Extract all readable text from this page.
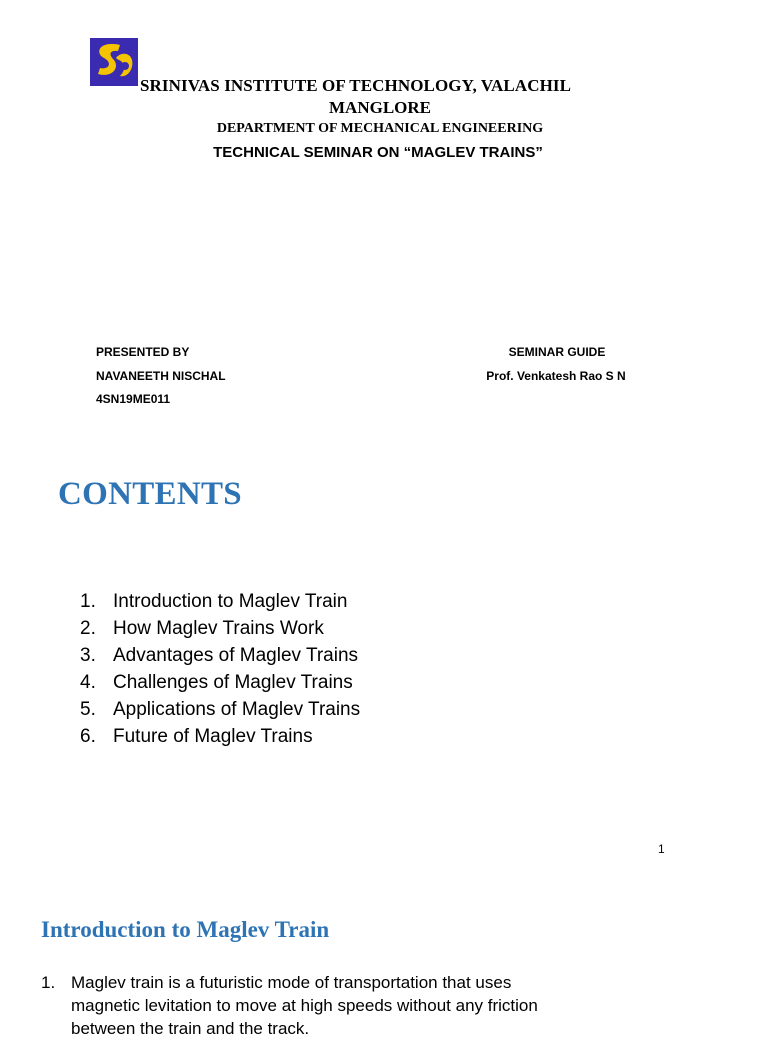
SRINIVAS INSTITUTE OF TECHNOLOGY, VALACHIL
MANGLORE
DEPARTMENT OF MECHANICAL ENGINEERING
TECHNICAL SEMINAR ON “MAGLEV TRAINS”
PRESENTED BY
NAVANEETH NISCHAL
4SN19ME011
SEMINAR GUIDE
Prof. Venkatesh Rao S N
CONTENTS
1. Introduction to Maglev Train
2. How Maglev Trains Work
3. Advantages of Maglev Trains
4. Challenges of Maglev Trains
5. Applications of Maglev Trains
6. Future of Maglev Trains
1
Introduction to Maglev Train
1. Maglev train is a futuristic mode of transportation that uses
magnetic levitation to move at high speeds without any friction
between the train and the track.
